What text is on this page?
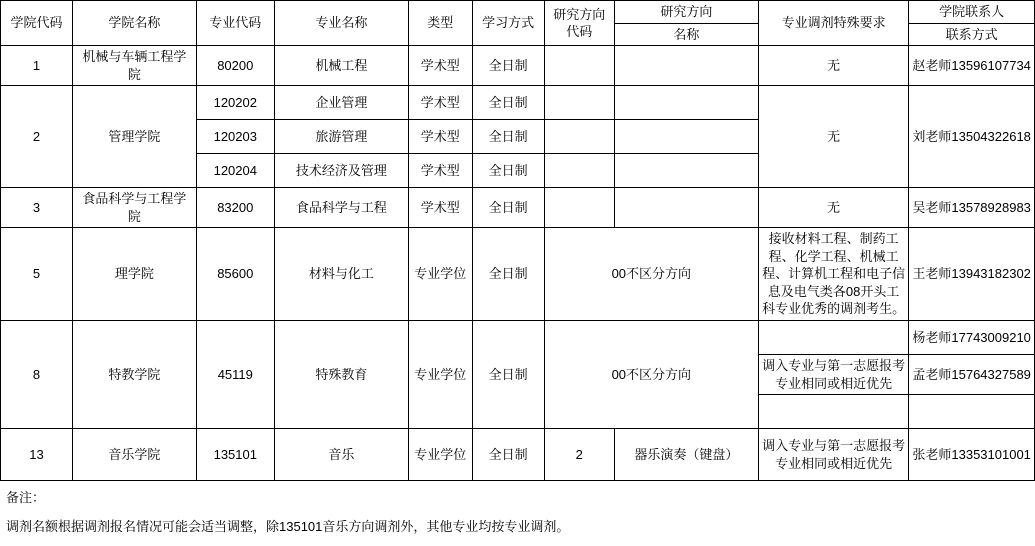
学院代码	学院名称	专业代码	专业名称	类型	学习方式	研究方向代码	研究方向	专业调剂特殊要求	学院联系人
							名称		联系方式
1	机械与车辆工程学院	80200	机械工程	学术型	全日制			无	赵老师13596107734
2	管理学院	120202	企业管理	学术型	全日制			无	刘老师13504322618
		120203	旅游管理	学术型	全日制				
		120204	技术经济及管理	学术型	全日制				
3	食品科学与工程学院	83200	食品科学与工程	学术型	全日制			无	吴老师13578928983
5	理学院	85600	材料与化工	专业学位	全日制	00不区分方向		接收材料工程、制药工程、化学工程、机械工程、计算机工程和电子信息及电气类各08开头工科专业优秀的调剂考生。	王老师13943182302
8	特教学院	45119	特殊教育	专业学位	全日制	00不区分方向			杨老师17743009210
								调入专业与第一志愿报考专业相同或相近优先	孟老师15764327589

13	音乐学院	135101	音乐	专业学位	全日制	2	器乐演奏（键盘）	调入专业与第一志愿报考专业相同或相近优先	张老师13353101001
备注：
调剂名额根据调剂报名情况可能会适当调整，除135101音乐方向调剂外，其他专业均按专业调剂。
